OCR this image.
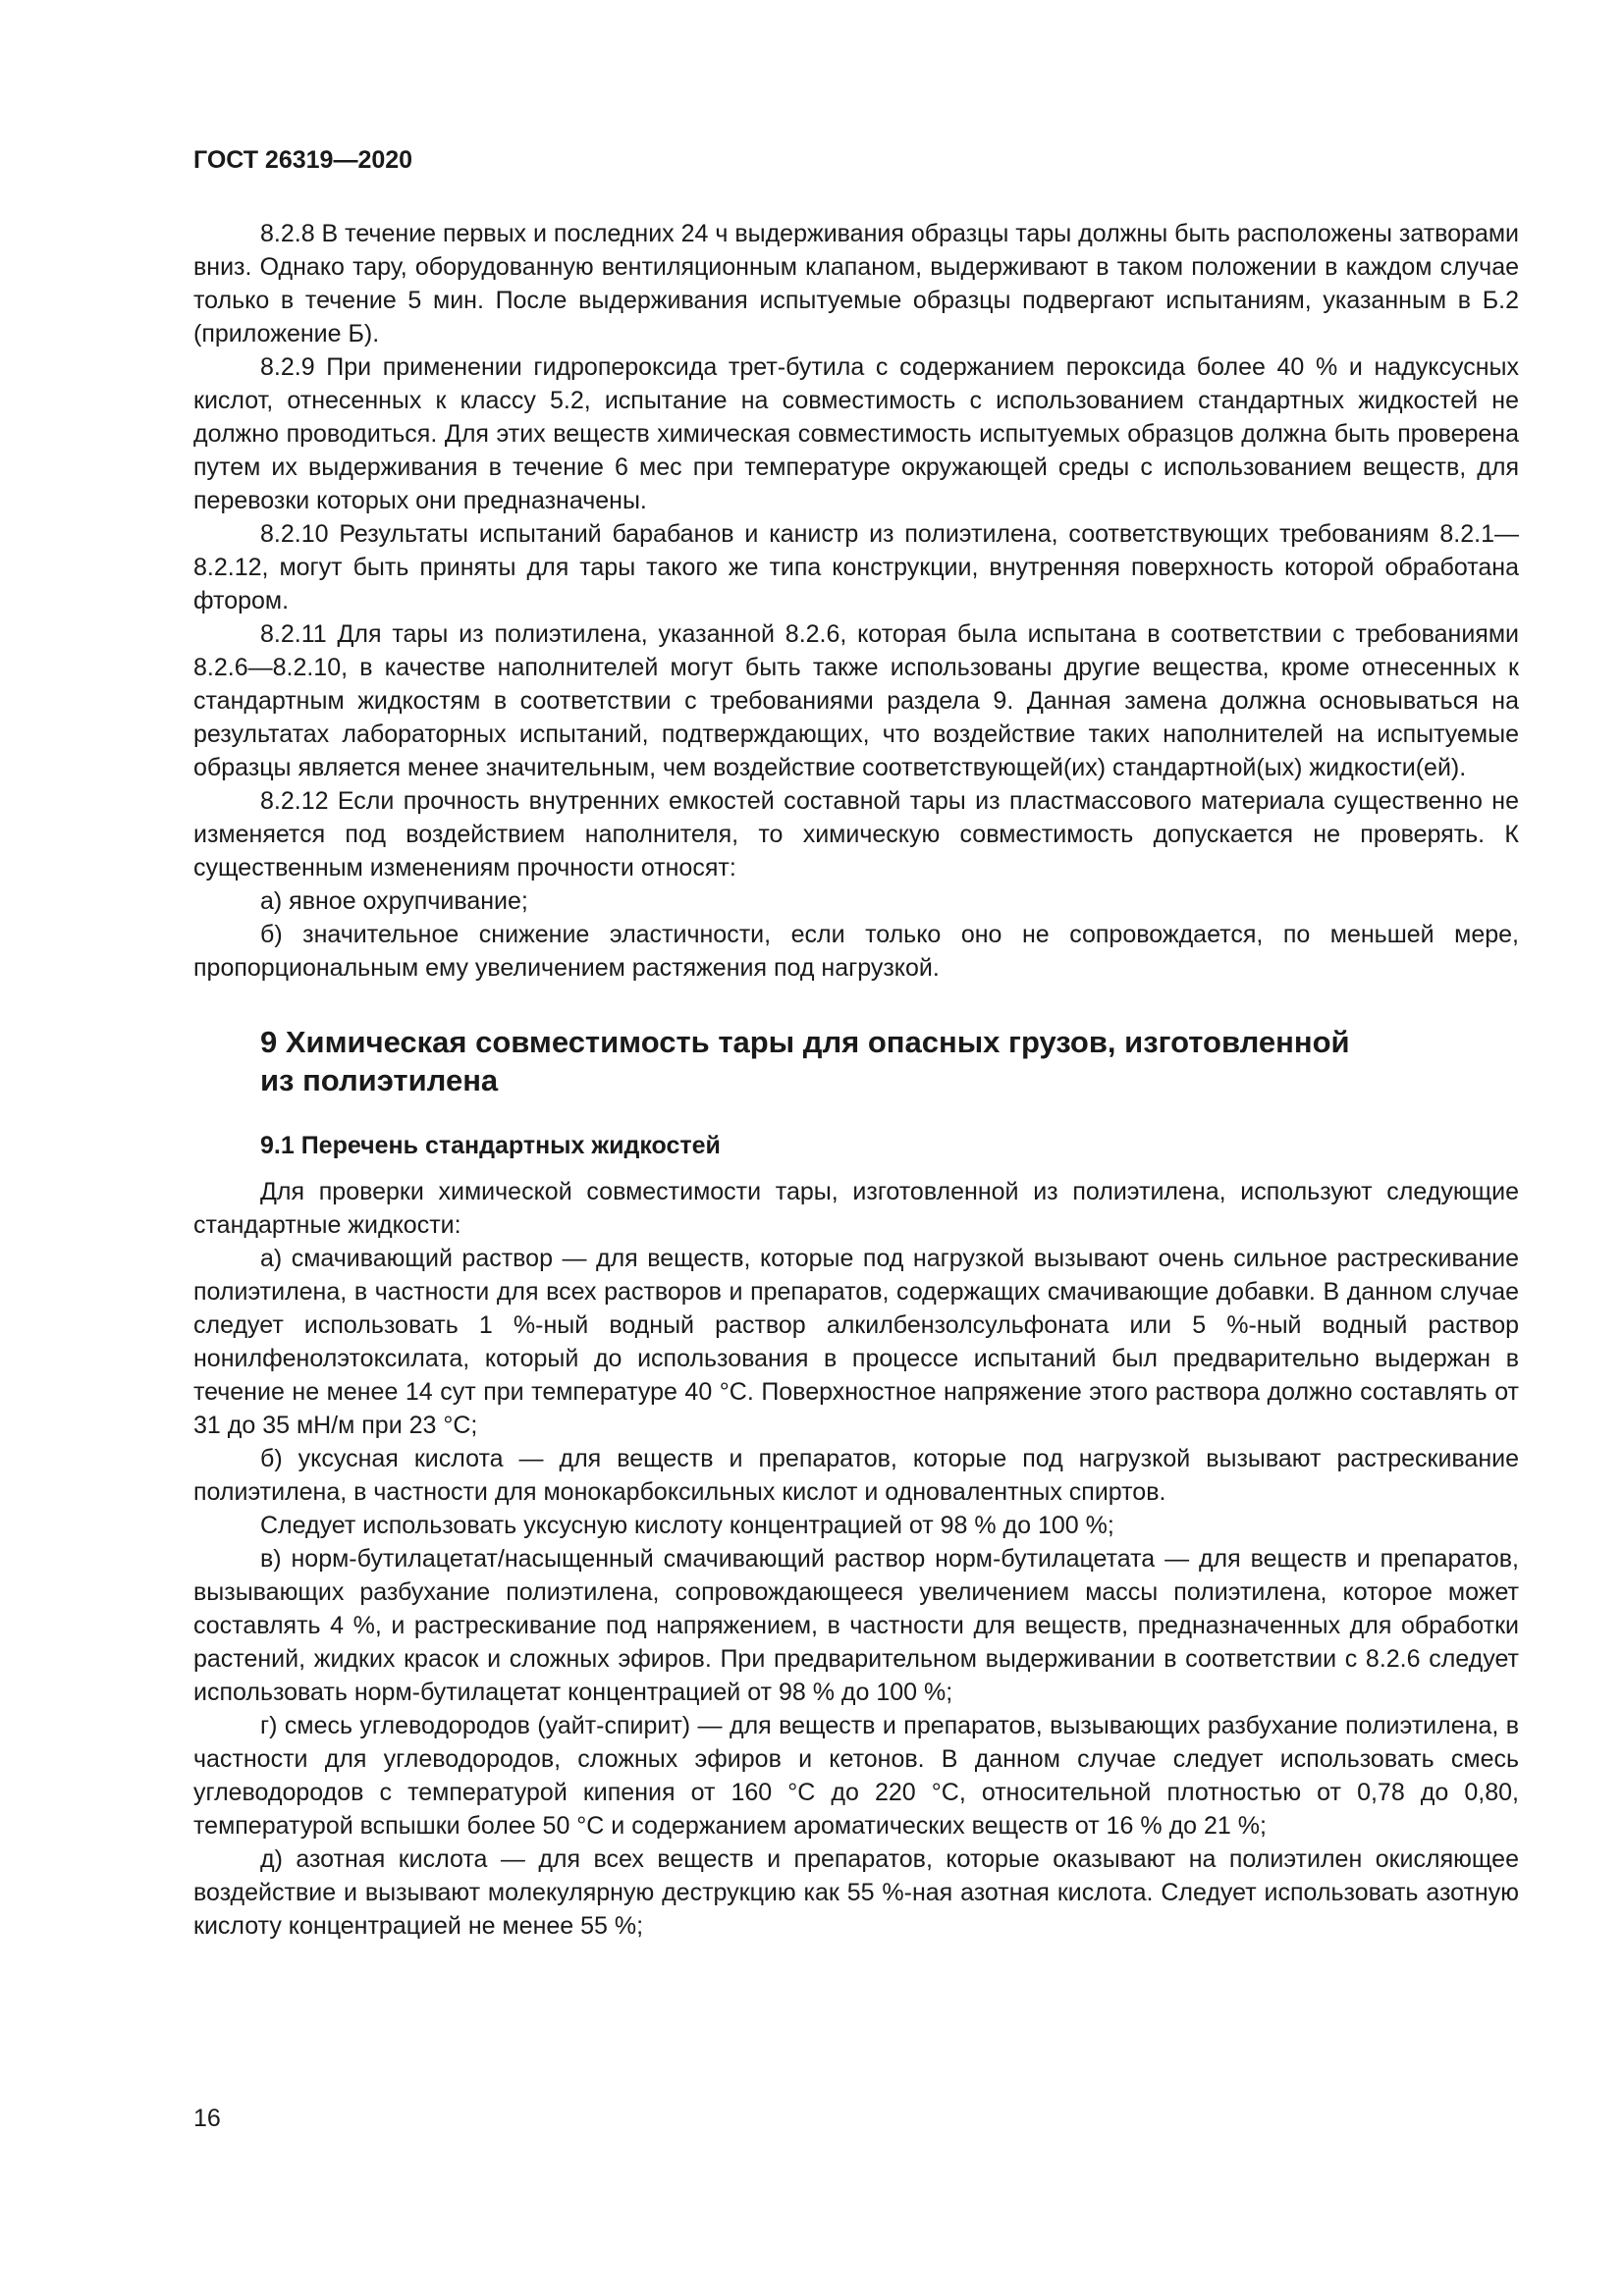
ГОСТ 26319—2020

8.2.8 В течение первых и последних 24 ч выдерживания образцы тары должны быть расположены затворами вниз. Однако тару, оборудованную вентиляционным клапаном, выдерживают в таком положении в каждом случае только в течение 5 мин. После выдерживания испытуемые образцы подвергают испытаниям, указанным в Б.2 (приложение Б).

8.2.9 При применении гидропероксида трет-бутила с содержанием пероксида более 40 % и надуксусных кислот, отнесенных к классу 5.2, испытание на совместимость с использованием стандартных жидкостей не должно проводиться. Для этих веществ химическая совместимость испытуемых образцов должна быть проверена путем их выдерживания в течение 6 мес при температуре окружающей среды с использованием веществ, для перевозки которых они предназначены.

8.2.10 Результаты испытаний барабанов и канистр из полиэтилена, соответствующих требованиям 8.2.1—8.2.12, могут быть приняты для тары такого же типа конструкции, внутренняя поверхность которой обработана фтором.

8.2.11 Для тары из полиэтилена, указанной 8.2.6, которая была испытана в соответствии с требованиями 8.2.6—8.2.10, в качестве наполнителей могут быть также использованы другие вещества, кроме отнесенных к стандартным жидкостям в соответствии с требованиями раздела 9. Данная замена должна основываться на результатах лабораторных испытаний, подтверждающих, что воздействие таких наполнителей на испытуемые образцы является менее значительным, чем воздействие соответствующей(их) стандартной(ых) жидкости(ей).

8.2.12 Если прочность внутренних емкостей составной тары из пластмассового материала существенно не изменяется под воздействием наполнителя, то химическую совместимость допускается не проверять. К существенным изменениям прочности относят:

а) явное охрупчивание;

б) значительное снижение эластичности, если только оно не сопровождается, по меньшей мере, пропорциональным ему увеличением растяжения под нагрузкой.

9 Химическая совместимость тары для опасных грузов, изготовленной
из полиэтилена
9.1 Перечень стандартных жидкостей

Для проверки химической совместимости тары, изготовленной из полиэтилена, используют следующие стандартные жидкости:

а) смачивающий раствор — для веществ, которые под нагрузкой вызывают очень сильное растрескивание полиэтилена, в частности для всех растворов и препаратов, содержащих смачивающие добавки. В данном случае следует использовать 1 %-ный водный раствор алкилбензолсульфоната или 5 %-ный водный раствор нонилфенолэтоксилата, который до использования в процессе испытаний был предварительно выдержан в течение не менее 14 сут при температуре 40 °С. Поверхностное напряжение этого раствора должно составлять от 31 до 35 мН/м при 23 °С;

б) уксусная кислота — для веществ и препаратов, которые под нагрузкой вызывают растрескивание полиэтилена, в частности для монокарбоксильных кислот и одновалентных спиртов.

Следует использовать уксусную кислоту концентрацией от 98 % до 100 %;

в) норм-бутилацетат/насыщенный смачивающий раствор норм-бутилацетата — для веществ и препаратов, вызывающих разбухание полиэтилена, сопровождающееся увеличением массы полиэтилена, которое может составлять 4 %, и растрескивание под напряжением, в частности для веществ, предназначенных для обработки растений, жидких красок и сложных эфиров. При предварительном выдерживании в соответствии с 8.2.6 следует использовать норм-бутилацетат концентрацией от 98 % до 100 %;

г) смесь углеводородов (уайт-спирит) — для веществ и препаратов, вызывающих разбухание полиэтилена, в частности для углеводородов, сложных эфиров и кетонов. В данном случае следует использовать смесь углеводородов с температурой кипения от 160 °С до 220 °С, относительной плотностью от 0,78 до 0,80, температурой вспышки более 50 °С и содержанием ароматических веществ от 16 % до 21 %;

д) азотная кислота — для всех веществ и препаратов, которые оказывают на полиэтилен окисляющее воздействие и вызывают молекулярную деструкцию как 55 %-ная азотная кислота. Следует использовать азотную кислоту концентрацией не менее 55 %;

16
